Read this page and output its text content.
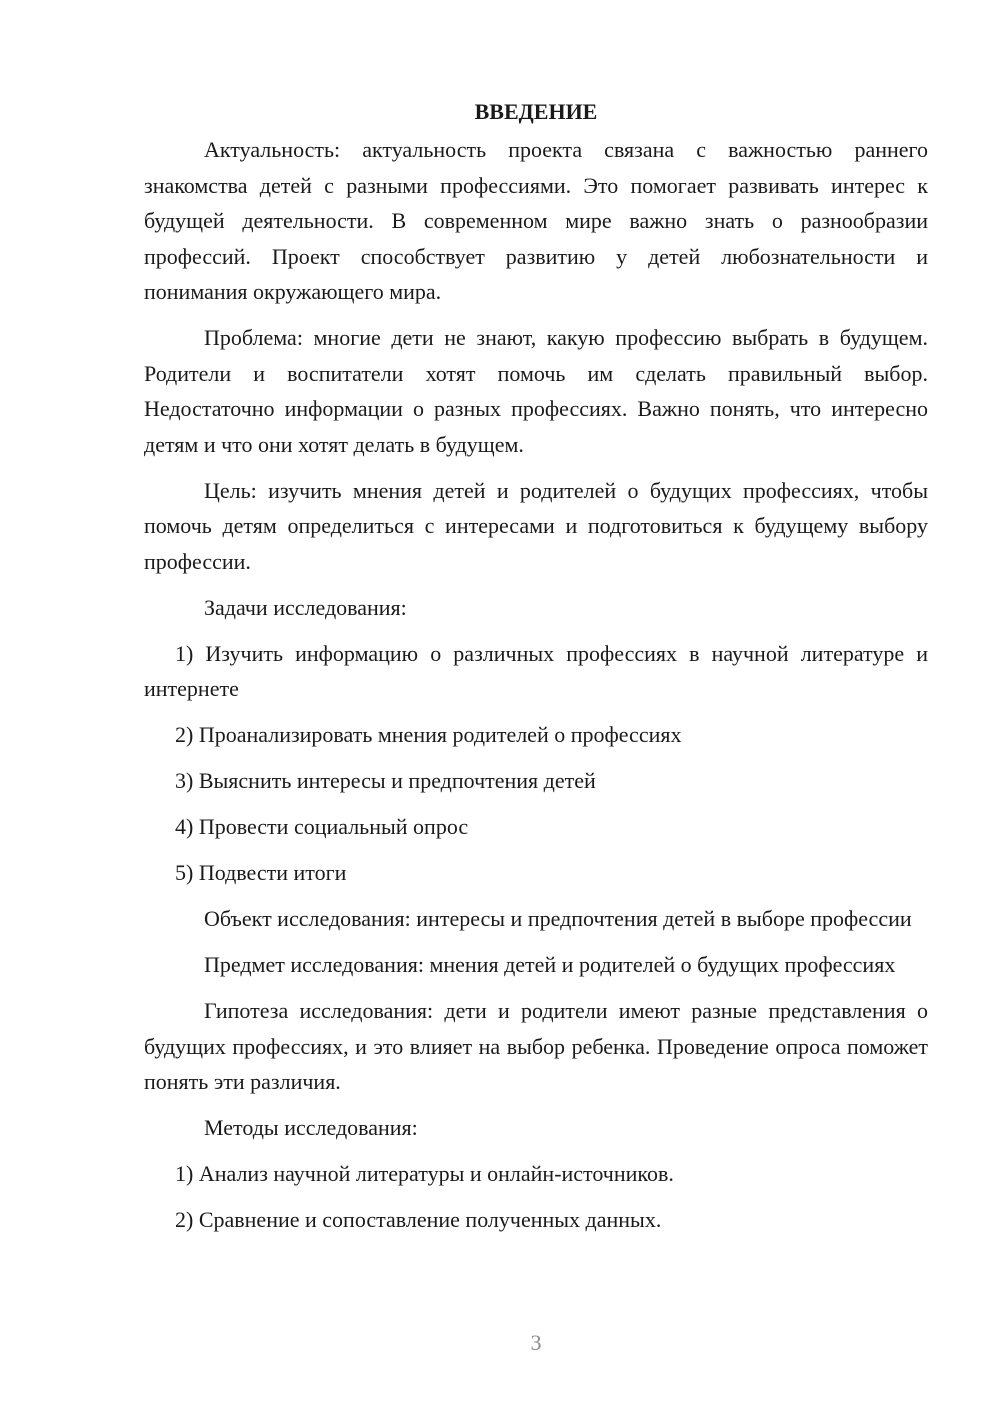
ВВЕДЕНИЕ

Актуальность: актуальность проекта связана с важностью раннего знакомства детей с разными профессиями. Это помогает развивать интерес к будущей деятельности. В современном мире важно знать о разнообразии профессий. Проект способствует развитию у детей любознательности и понимания окружающего мира.

Проблема: многие дети не знают, какую профессию выбрать в будущем. Родители и воспитатели хотят помочь им сделать правильный выбор. Недостаточно информации о разных профессиях. Важно понять, что интересно детям и что они хотят делать в будущем.

Цель: изучить мнения детей и родителей о будущих профессиях, чтобы помочь детям определиться с интересами и подготовиться к будущему выбору профессии.

Задачи исследования:

1) Изучить информацию о различных профессиях в научной литературе и интернете

2) Проанализировать мнения родителей о профессиях

3) Выяснить интересы и предпочтения детей

4) Провести социальный опрос

5) Подвести итоги

Объект исследования: интересы и предпочтения детей в выборе профессии

Предмет исследования: мнения детей и родителей о будущих профессиях

Гипотеза исследования: дети и родители имеют разные представления о будущих профессиях, и это влияет на выбор ребенка. Проведение опроса поможет понять эти различия.

Методы исследования:

1) Анализ научной литературы и онлайн-источников.

2) Сравнение и сопоставление полученных данных.

3
